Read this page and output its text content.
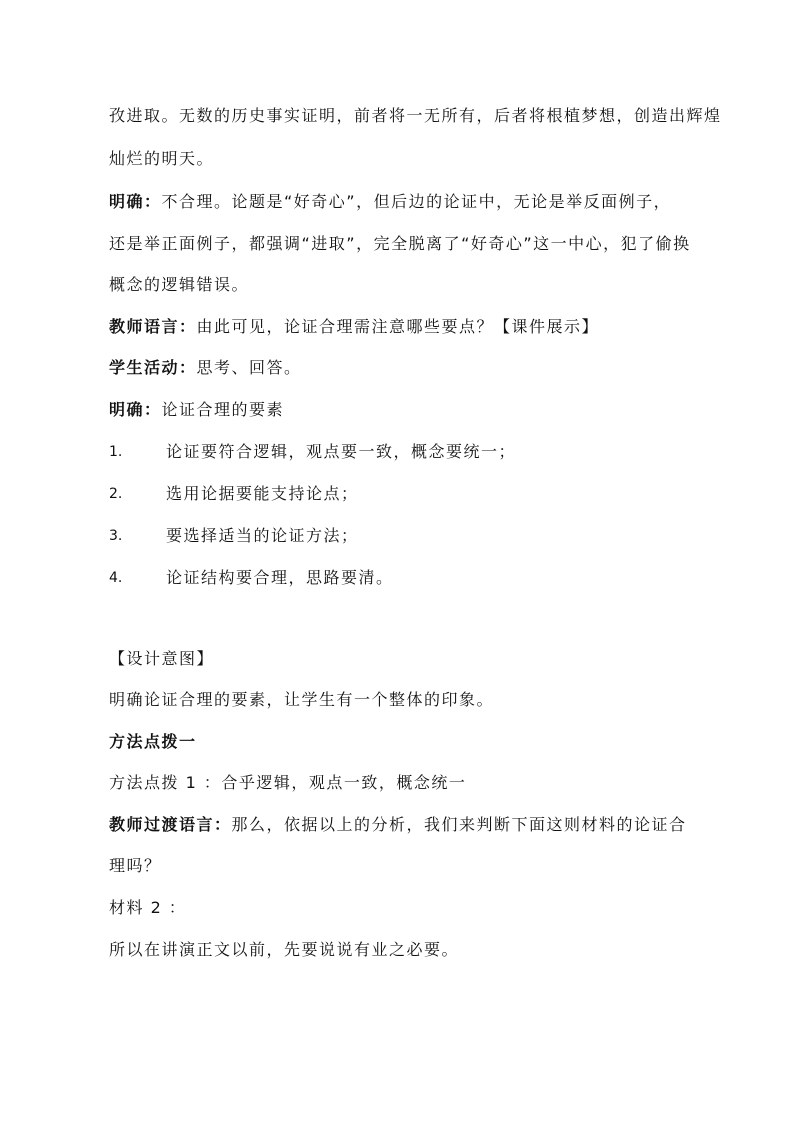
孜进取。无数的历史事实证明，前者将一无所有，后者将根植梦想，创造出辉煌
灿烂的明天。
明确：不合理。论题是“好奇心”，但后边的论证中，无论是举反面例子，
还是举正面例子，都强调“进取”，完全脱离了“好奇心”这一中心，犯了偷换
概念的逻辑错误。
教师语言：由此可见，论证合理需注意哪些要点？【课件展示】
学生活动：思考、回答。
明确：论证合理的要素
1.	论证要符合逻辑，观点要一致，概念要统一；
2.	选用论据要能支持论点；
3.	要选择适当的论证方法；
4.	论证结构要合理，思路要清。
【设计意图】
明确论证合理的要素，让学生有一个整体的印象。
方法点拨一
方法点拨 1 ：合乎逻辑，观点一致，概念统一
教师过渡语言：那么，依据以上的分析，我们来判断下面这则材料的论证合
理吗？
材料 2 ：
所以在讲演正文以前，先要说说有业之必要。
